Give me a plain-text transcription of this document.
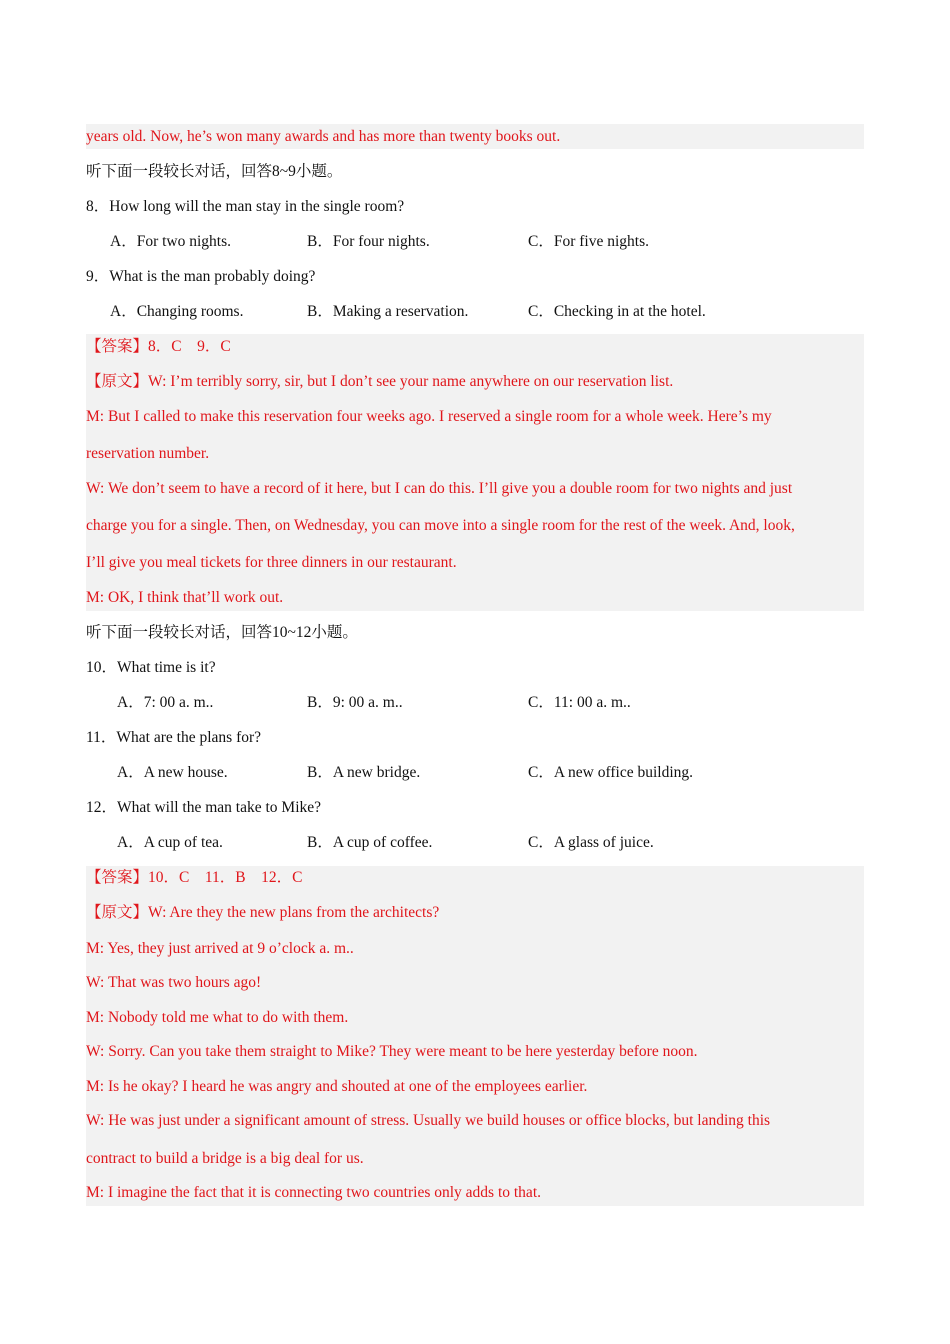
years old. Now, he’s won many awards and has more than twenty books out.
听下面一段较长对话，回答8~9小题。
8．How long will the man stay in the single room?
A．For two nights.	B．For four nights.	C．For five nights.
9．What is the man probably doing?
A．Changing rooms.	B．Making a reservation.	C．Checking in at the hotel.
【答案】8．C　9．C
【原文】W: I’m terribly sorry, sir, but I don’t see your name anywhere on our reservation list.
M: But I called to make this reservation four weeks ago. I reserved a single room for a whole week. Here’s my
reservation number.
W: We don’t seem to have a record of it here, but I can do this. I’ll give you a double room for two nights and just
charge you for a single. Then, on Wednesday, you can move into a single room for the rest of the week. And, look,
I’ll give you meal tickets for three dinners in our restaurant.
M: OK, I think that’ll work out.
听下面一段较长对话，回答10~12小题。
10．What time is it?
A．7: 00 a. m..	B．9: 00 a. m..	C．11: 00 a. m..
11．What are the plans for?
A．A new house.	B．A new bridge.	C．A new office building.
12．What will the man take to Mike?
A．A cup of tea.	B．A cup of coffee.	C．A glass of juice.
【答案】10．C　11．B　12．C
【原文】W: Are they the new plans from the architects?
M: Yes, they just arrived at 9 o’clock a. m..
W: That was two hours ago!
M: Nobody told me what to do with them.
W: Sorry. Can you take them straight to Mike? They were meant to be here yesterday before noon.
M: Is he okay? I heard he was angry and shouted at one of the employees earlier.
W: He was just under a significant amount of stress. Usually we build houses or office blocks, but landing this
contract to build a bridge is a big deal for us.
M: I imagine the fact that it is connecting two countries only adds to that.
